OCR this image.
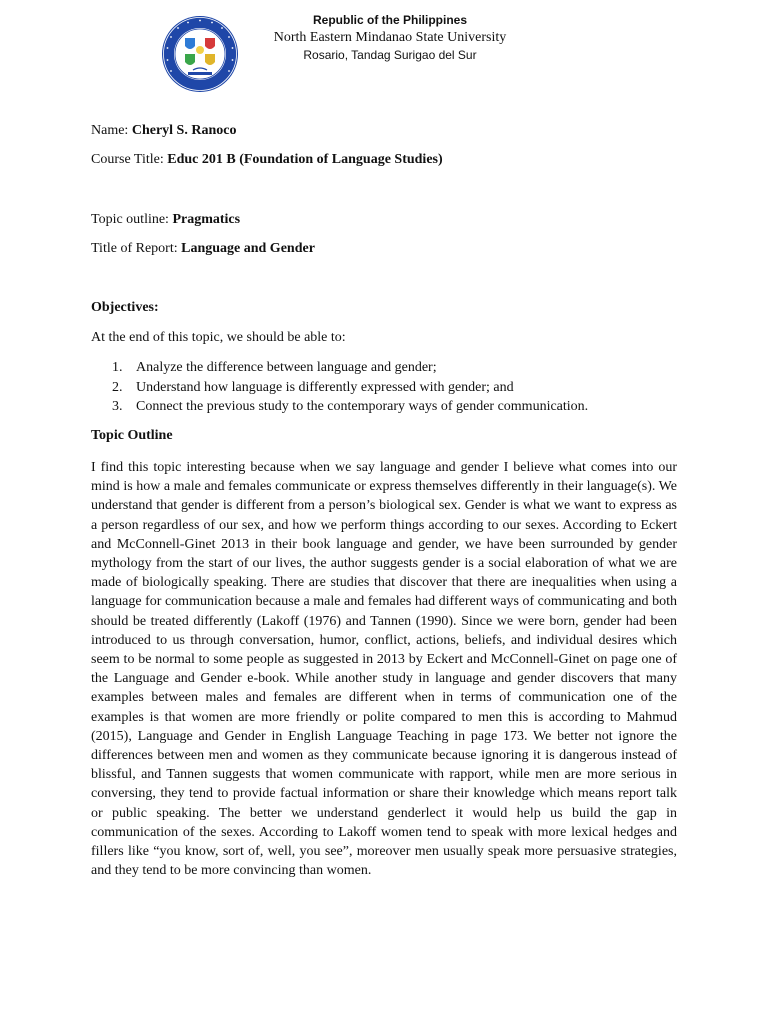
Republic of the Philippines
North Eastern Mindanao State University
Rosario, Tandag Surigao del Sur
Name: Cheryl S. Ranoco
Course Title: Educ 201 B (Foundation of Language Studies)
Topic outline: Pragmatics
Title of Report: Language and Gender
Objectives:
At the end of this topic, we should be able to:
1. Analyze the difference between language and gender;
2. Understand how language is differently expressed with gender; and
3. Connect the previous study to the contemporary ways of gender communication.
Topic Outline

I find this topic interesting because when we say language and gender I believe what comes into our mind is how a male and females communicate or express themselves differently in their language(s). We understand that gender is different from a person’s biological sex. Gender is what we want to express as a person regardless of our sex, and how we perform things according to our sexes. According to Eckert and McConnell-Ginet 2013 in their book language and gender, we have been surrounded by gender mythology from the start of our lives, the author suggests gender is a social elaboration of what we are made of biologically speaking. There are studies that discover that there are inequalities when using a language for communication because a male and females had different ways of communicating and both should be treated differently (Lakoff (1976) and Tannen (1990). Since we were born, gender had been introduced to us through conversation, humor, conflict, actions, beliefs, and individual desires which seem to be normal to some people as suggested in 2013 by Eckert and McConnell-Ginet on page one of the Language and Gender e-book. While another study in language and gender discovers that many examples between males and females are different when in terms of communication one of the examples is that women are more friendly or polite compared to men this is according to Mahmud (2015), Language and Gender in English Language Teaching in page 173. We better not ignore the differences between men and women as they communicate because ignoring it is dangerous instead of blissful, and Tannen suggests that women communicate with rapport, while men are more serious in conversing, they tend to provide factual information or share their knowledge which means report talk or public speaking. The better we understand genderlect it would help us build the gap in communication of the sexes. According to Lakoff women tend to speak with more lexical hedges and fillers like “you know, sort of, well, you see”, moreover men usually speak more persuasive strategies, and they tend to be more convincing than women.
